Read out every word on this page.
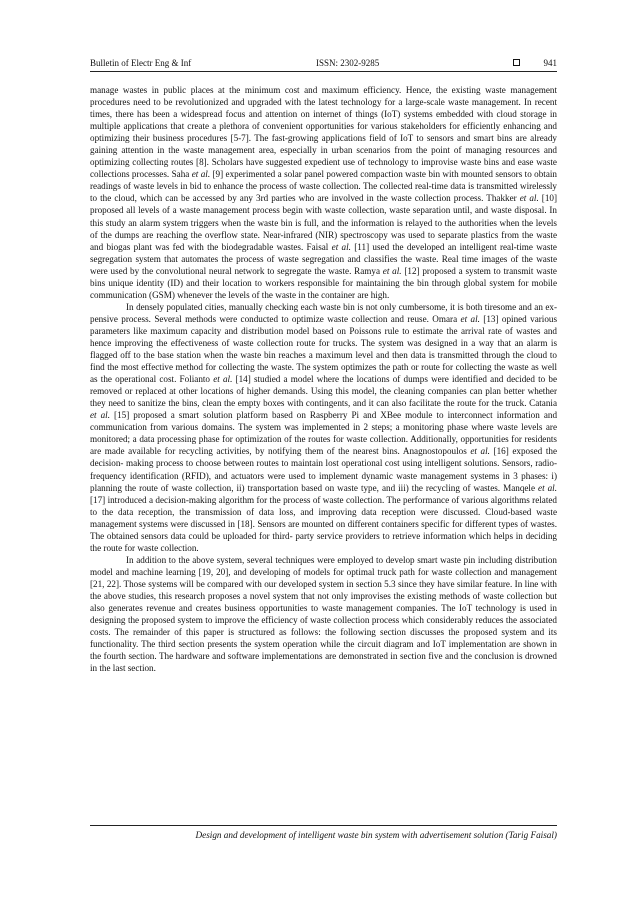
Bulletin of Electr Eng & Inf	ISSN: 2302-9285	941

manage wastes in public places at the minimum cost and maximum efficiency. Hence, the existing waste management procedures need to be revolutionized and upgraded with the latest technology for a large-scale waste management. In recent times, there has been a widespread focus and attention on internet of things (IoT) systems embedded with cloud storage in multiple applications that create a plethora of convenient opportunities for various stakeholders for efficiently enhancing and optimizing their business procedures [5-7]. The fast-growing applications field of IoT to sensors and smart bins are already gaining attention in the waste management area, especially in urban scenarios from the point of managing resources and optimizing collecting routes [8]. Scholars have suggested expedient use of technology to improvise waste bins and ease waste collections processes. Saha et al. [9] experimented a solar panel powered compaction waste bin with mounted sensors to obtain readings of waste levels in bid to enhance the process of waste collection. The collected real-time data is transmitted wirelessly to the cloud, which can be accessed by any 3rd parties who are involved in the waste collection process. Thakker et al. [10] proposed all levels of a waste management process begin with waste collection, waste separation until, and waste disposal. In this study an alarm system triggers when the waste bin is full, and the information is relayed to the authorities when the levels of the dumps are reaching the overflow state. Near-infrared (NIR) spectroscopy was used to separate plastics from the waste and biogas plant was fed with the biodegradable wastes. Faisal et al. [11] used the developed an intelligent real-time waste segregation system that automates the process of waste segregation and classifies the waste. Real time images of the waste were used by the convolutional neural network to segregate the waste. Ramya et al. [12] proposed a system to transmit waste bins unique identity (ID) and their location to workers responsible for maintaining the bin through global system for mobile communication (GSM) whenever the levels of the waste in the container are high.

In densely populated cities, manually checking each waste bin is not only cumbersome, it is both tiresome and an ex- pensive process. Several methods were conducted to optimize waste collection and reuse. Omara et al. [13] opined various parameters like maximum capacity and distribution model based on Poissons rule to estimate the arrival rate of wastes and hence improving the effectiveness of waste collection route for trucks. The system was designed in a way that an alarm is flagged off to the base station when the waste bin reaches a maximum level and then data is transmitted through the cloud to find the most effective method for collecting the waste. The system optimizes the path or route for collecting the waste as well as the operational cost. Folianto et al. [14] studied a model where the locations of dumps were identified and decided to be removed or replaced at other locations of higher demands. Using this model, the cleaning companies can plan better whether they need to sanitize the bins, clean the empty boxes with contingents, and it can also facilitate the route for the truck. Catania et al. [15] proposed a smart solution platform based on Raspberry Pi and XBee module to interconnect information and communication from various domains. The system was implemented in 2 steps; a monitoring phase where waste levels are monitored; a data processing phase for optimization of the routes for waste collection. Additionally, opportunities for residents are made available for recycling activities, by notifying them of the nearest bins. Anagnostopoulos et al. [16] exposed the decision- making process to choose between routes to maintain lost operational cost using intelligent solutions. Sensors, radio-frequency identification (RFID), and actuators were used to implement dynamic waste management systems in 3 phases: i) planning the route of waste collection, ii) transportation based on waste type, and iii) the recycling of wastes. Manqele et al. [17] introduced a decision-making algorithm for the process of waste collection. The performance of various algorithms related to the data reception, the transmission of data loss, and improving data reception were discussed. Cloud-based waste management systems were discussed in [18]. Sensors are mounted on different containers specific for different types of wastes. The obtained sensors data could be uploaded for third- party service providers to retrieve information which helps in deciding the route for waste collection.

In addition to the above system, several techniques were employed to develop smart waste pin including distribution model and machine learning [19, 20], and developing of models for optimal truck path for waste collection and management [21, 22]. Those systems will be compared with our developed system in section 5.3 since they have similar feature. In line with the above studies, this research proposes a novel system that not only improvises the existing methods of waste collection but also generates revenue and creates business opportunities to waste management companies. The IoT technology is used in designing the proposed system to improve the efficiency of waste collection process which considerably reduces the associated costs. The remainder of this paper is structured as follows: the following section discusses the proposed system and its functionality. The third section presents the system operation while the circuit diagram and IoT implementation are shown in the fourth section. The hardware and software implementations are demonstrated in section five and the conclusion is drowned in the last section.

Design and development of intelligent waste bin system with advertisement solution (Tarig Faisal)
